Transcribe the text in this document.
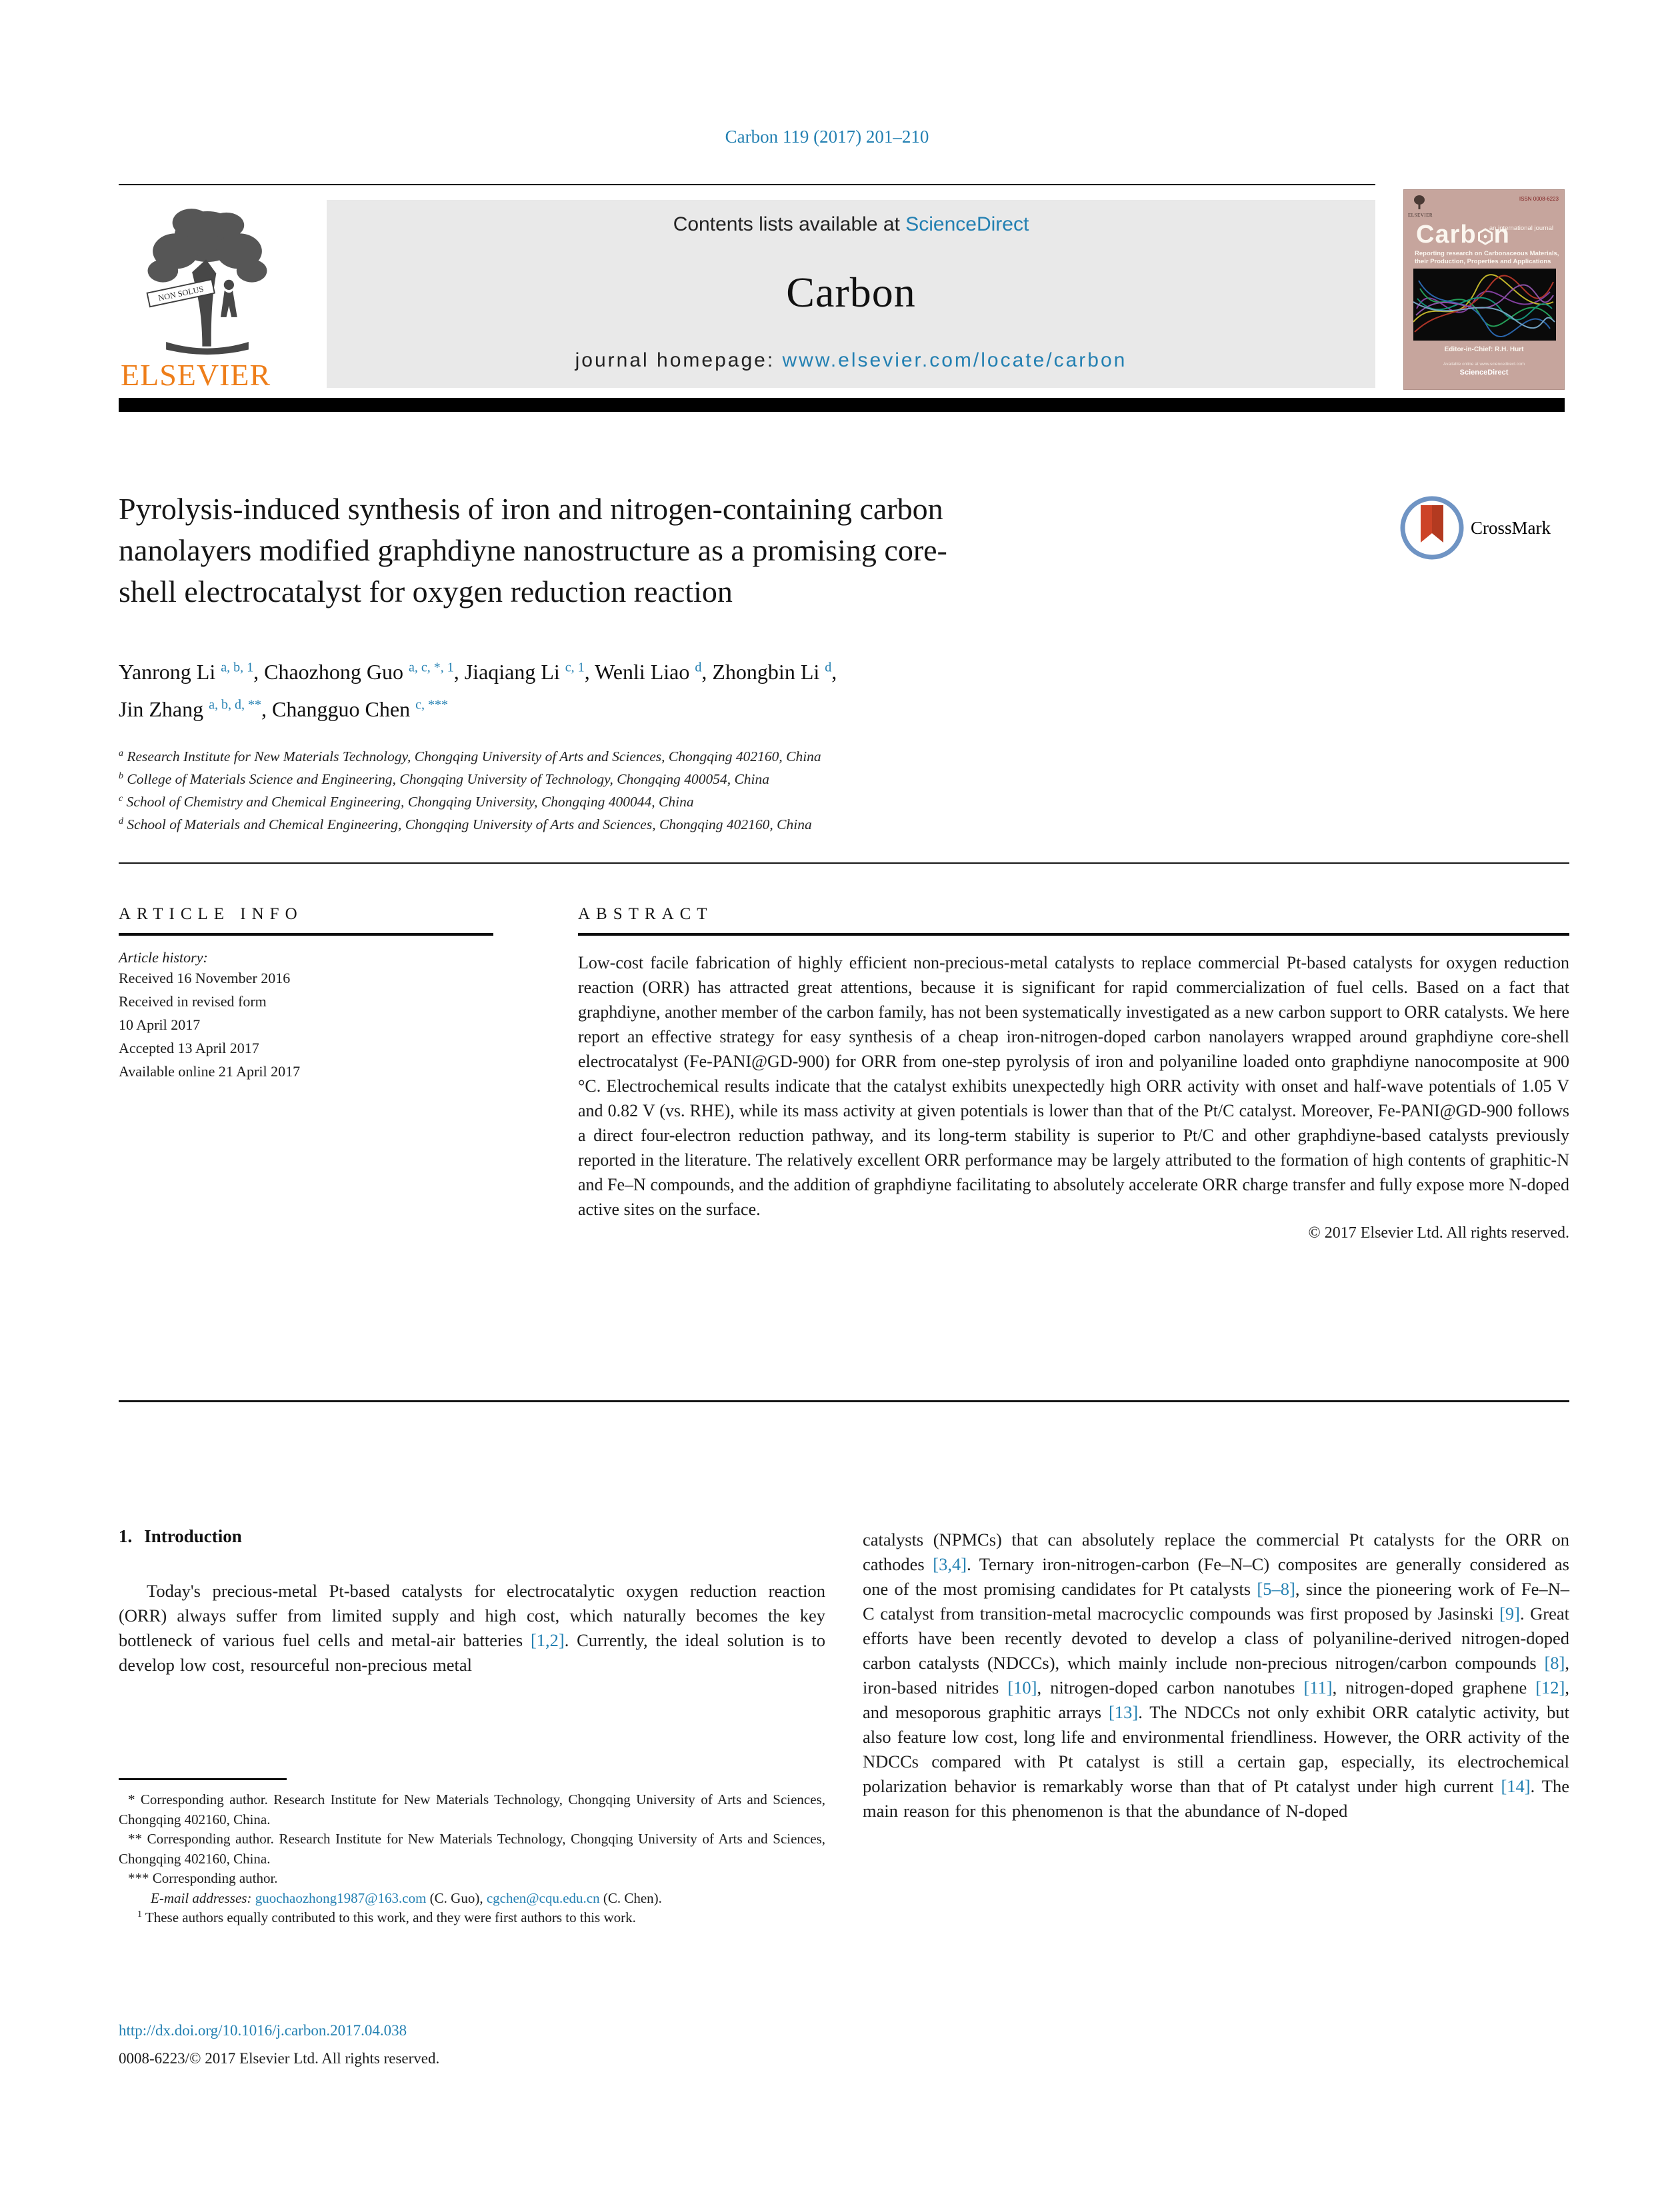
Carbon 119 (2017) 201–210
NON SOLUS
ELSEVIER
Contents lists available at ScienceDirect
Carbon
journal homepage: www.elsevier.com/locate/carbon
ELSEVIER
ISSN 0008-6223
an international journal
Carb n
Reporting research on Carbonaceous Materials,
their Production, Properties and Applications
Editor-in-Chief: R.H. Hurt
Available online at www.sciencedirect.com
ScienceDirect
Pyrolysis-induced synthesis of iron and nitrogen-containing carbon
nanolayers modified graphdiyne nanostructure as a promising core-
shell electrocatalyst for oxygen reduction reaction
CrossMark
Yanrong Li $^{a, b, 1}$, Chaozhong Guo $^{a, c, *, 1}$, Jiaqiang Li $^{c, 1}$, Wenli Liao $^d$, Zhongbin Li $^d$,
Jin Zhang $^{a, b, d, **}$, Changguo Chen $^{c, ***}$
$^a$ Research Institute for New Materials Technology, Chongqing University of Arts and Sciences, Chongqing 402160, China
$^b$ College of Materials Science and Engineering, Chongqing University of Technology, Chongqing 400054, China
$^c$ School of Chemistry and Chemical Engineering, Chongqing University, Chongqing 400044, China
$^d$ School of Materials and Chemical Engineering, Chongqing University of Arts and Sciences, Chongqing 402160, China
ARTICLE INFO
Article history:
Received 16 November 2016
Received in revised form
10 April 2017
Accepted 13 April 2017
Available online 21 April 2017
ABSTRACT
Low-cost facile fabrication of highly efficient non-precious-metal catalysts to replace commercial Pt-based catalysts for oxygen reduction reaction (ORR) has attracted great attentions, because it is significant for rapid commercialization of fuel cells. Based on a fact that graphdiyne, another member of the carbon family, has not been systematically investigated as a new carbon support to ORR catalysts. We here report an effective strategy for easy synthesis of a cheap iron-nitrogen-doped carbon nanolayers wrapped around graphdiyne core-shell electrocatalyst (Fe-PANI@GD-900) for ORR from one-step pyrolysis of iron and polyaniline loaded onto graphdiyne nanocomposite at 900 °C. Electrochemical results indicate that the catalyst exhibits unexpectedly high ORR activity with onset and half-wave potentials of 1.05 V and 0.82 V (vs. RHE), while its mass activity at given potentials is lower than that of the Pt/C catalyst. Moreover, Fe-PANI@GD-900 follows a direct four-electron reduction pathway, and its long-term stability is superior to Pt/C and other graphdiyne-based catalysts previously reported in the literature. The relatively excellent ORR performance may be largely attributed to the formation of high contents of graphitic-N and Fe–N compounds, and the addition of graphdiyne facilitating to absolutely accelerate ORR charge transfer and fully expose more N-doped active sites on the surface.
© 2017 Elsevier Ltd. All rights reserved.
1. Introduction
Today's precious-metal Pt-based catalysts for electrocatalytic oxygen reduction reaction (ORR) always suffer from limited supply and high cost, which naturally becomes the key bottleneck of various fuel cells and metal-air batteries [1,2]. Currently, the ideal solution is to develop low cost, resourceful non-precious metal
catalysts (NPMCs) that can absolutely replace the commercial Pt catalysts for the ORR on cathodes [3,4]. Ternary iron-nitrogen-carbon (Fe–N–C) composites are generally considered as one of the most promising candidates for Pt catalysts [5–8], since the pioneering work of Fe–N–C catalyst from transition-metal macrocyclic compounds was first proposed by Jasinski [9]. Great efforts have been recently devoted to develop a class of polyaniline-derived nitrogen-doped carbon catalysts (NDCCs), which mainly include non-precious nitrogen/carbon compounds [8], iron-based nitrides [10], nitrogen-doped carbon nanotubes [11], nitrogen-doped graphene [12], and mesoporous graphitic arrays [13]. The NDCCs not only exhibit ORR catalytic activity, but also feature low cost, long life and environmental friendliness. However, the ORR activity of the NDCCs compared with Pt catalyst is still a certain gap, especially, its electrochemical polarization behavior is remarkably worse than that of Pt catalyst under high current [14]. The main reason for this phenomenon is that the abundance of N-doped
* Corresponding author. Research Institute for New Materials Technology, Chongqing University of Arts and Sciences, Chongqing 402160, China.
** Corresponding author. Research Institute for New Materials Technology, Chongqing University of Arts and Sciences, Chongqing 402160, China.
*** Corresponding author.
E-mail addresses: guochaozhong1987@163.com (C. Guo), cgchen@cqu.edu.cn (C. Chen).
$^1$ These authors equally contributed to this work, and they were first authors to this work.
http://dx.doi.org/10.1016/j.carbon.2017.04.038
0008-6223/© 2017 Elsevier Ltd. All rights reserved.
